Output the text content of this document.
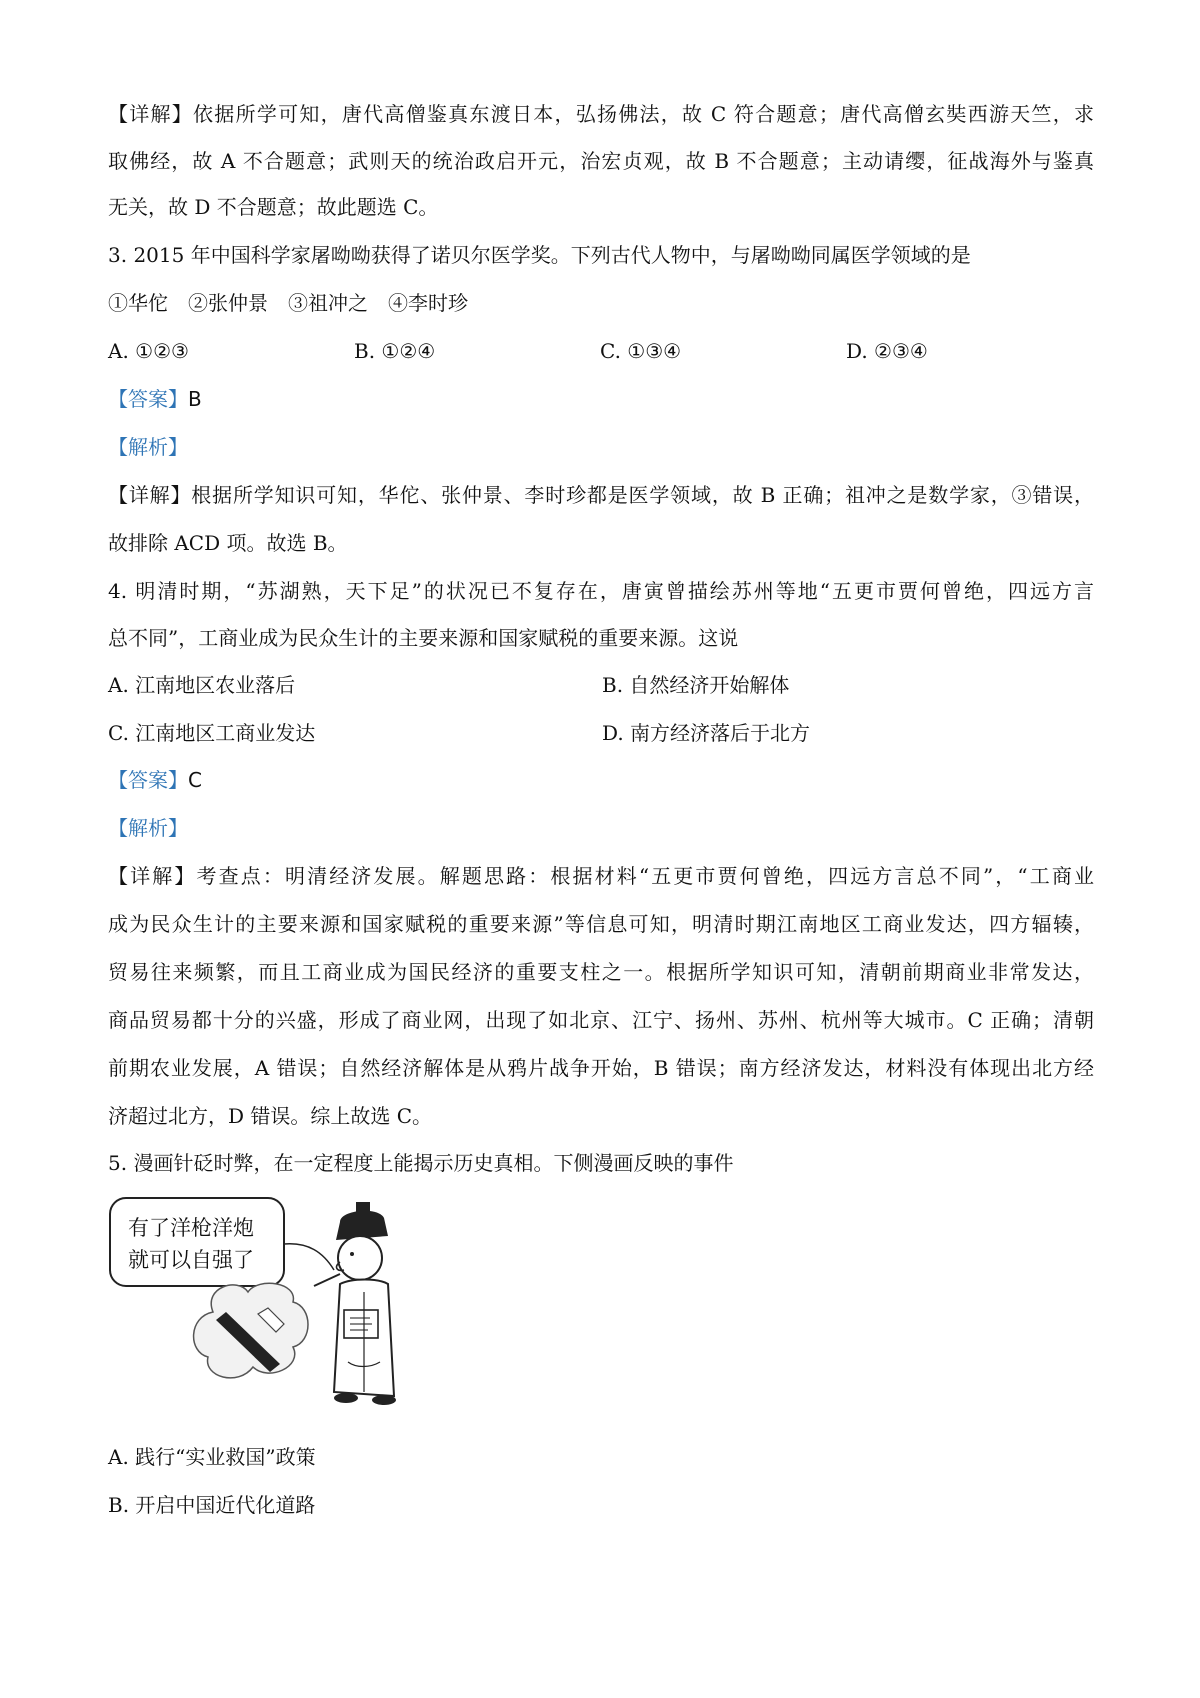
【详解】依据所学可知，唐代高僧鉴真东渡日本，弘扬佛法，故 C 符合题意；唐代高僧玄奘西游天竺，求
取佛经，故 A 不合题意；武则天的统治政启开元，治宏贞观，故 B 不合题意；主动请缨，征战海外与鉴真
无关，故 D 不合题意；故此题选 C。
3. 2015 年中国科学家屠呦呦获得了诺贝尔医学奖。下列古代人物中，与屠呦呦同属医学领域的是
①华佗　②张仲景　③祖冲之　④李时珍
A. ①②③	B. ①②④	C. ①③④	D. ②③④
【答案】B
【解析】
【详解】根据所学知识可知，华佗、张仲景、李时珍都是医学领域，故 B 正确；祖冲之是数学家，③错误，
故排除 ACD 项。故选 B。
4. 明清时期，“苏湖熟，天下足”的状况已不复存在，唐寅曾描绘苏州等地“五更市贾何曾绝，四远方言
总不同”，工商业成为民众生计的主要来源和国家赋税的重要来源。这说
A. 江南地区农业落后	B. 自然经济开始解体
C. 江南地区工商业发达	D. 南方经济落后于北方
【答案】C
【解析】
【详解】考查点：明清经济发展。解题思路：根据材料“五更市贾何曾绝，四远方言总不同”，“工商业
成为民众生计的主要来源和国家赋税的重要来源”等信息可知，明清时期江南地区工商业发达，四方辐辏，
贸易往来频繁，而且工商业成为国民经济的重要支柱之一。根据所学知识可知，清朝前期商业非常发达，
商品贸易都十分的兴盛，形成了商业网，出现了如北京、江宁、扬州、苏州、杭州等大城市。C 正确；清朝
前期农业发展，A 错误；自然经济解体是从鸦片战争开始，B 错误；南方经济发达，材料没有体现出北方经
济超过北方，D 错误。综上故选 C。
5. 漫画针砭时弊，在一定程度上能揭示历史真相。下侧漫画反映的事件
有了洋枪洋炮
就可以自强了
A. 践行“实业救国”政策
B. 开启中国近代化道路
